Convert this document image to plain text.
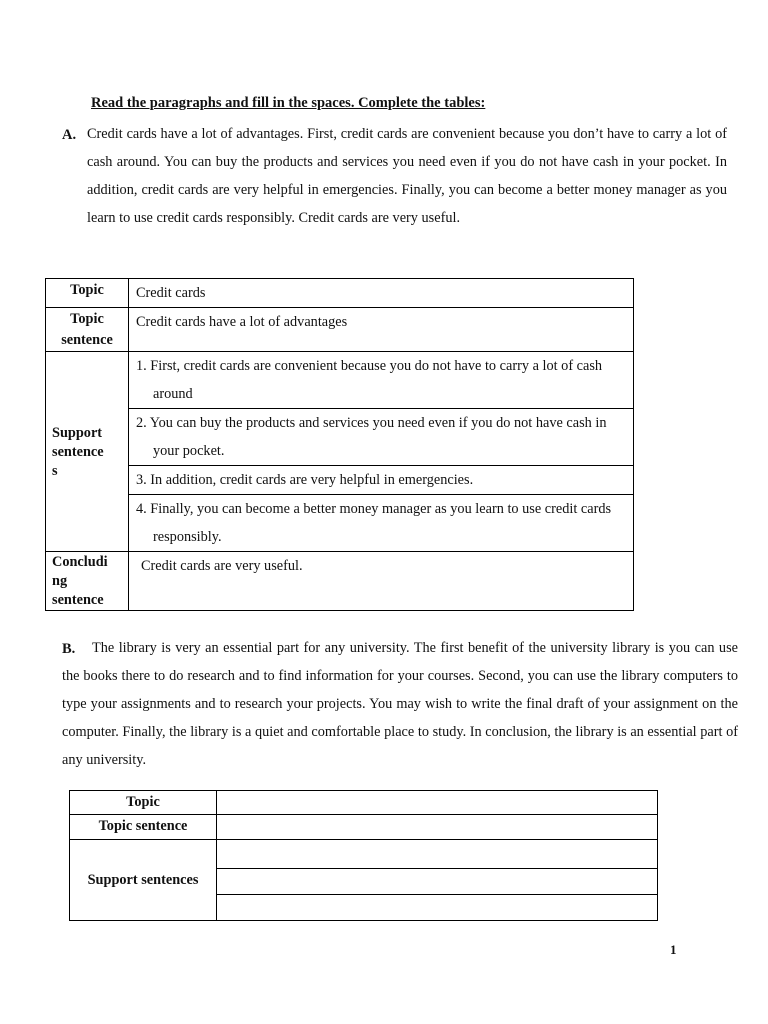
Read the paragraphs and fill in the spaces. Complete the tables:
A. Credit cards have a lot of advantages. First, credit cards are convenient because you don’t have to carry a lot of cash around. You can buy the products and services you need even if you do not have cash in your pocket. In addition, credit cards are very helpful in emergencies. Finally, you can become a better money manager as you learn to use credit cards responsibly. Credit cards are very useful.

Topic	Credit cards

Topic
sentence	Credit cards have a lot of advantages

Support
sentence
s	1. First, credit cards are convenient because you do not have to carry a lot of cash around
	2. You can buy the products and services you need even if you do not have cash in your pocket.
	3. In addition, credit cards are very helpful in emergencies.
	4. Finally, you can become a better money manager as you learn to use credit cards responsibly.

Concludi
ng
sentence	Credit cards are very useful.
B.	The library is very an essential part for any university. The first benefit of the university library is you can use the books there to do research and to find information for your courses. Second, you can use the library computers to type your assignments and to research your projects. You may wish to write the final draft of your assignment on the computer. Finally, the library is a quiet and comfortable place to study. In conclusion, the library is an essential part of any university.

Topic	
Topic sentence	
Support sentences	

1
